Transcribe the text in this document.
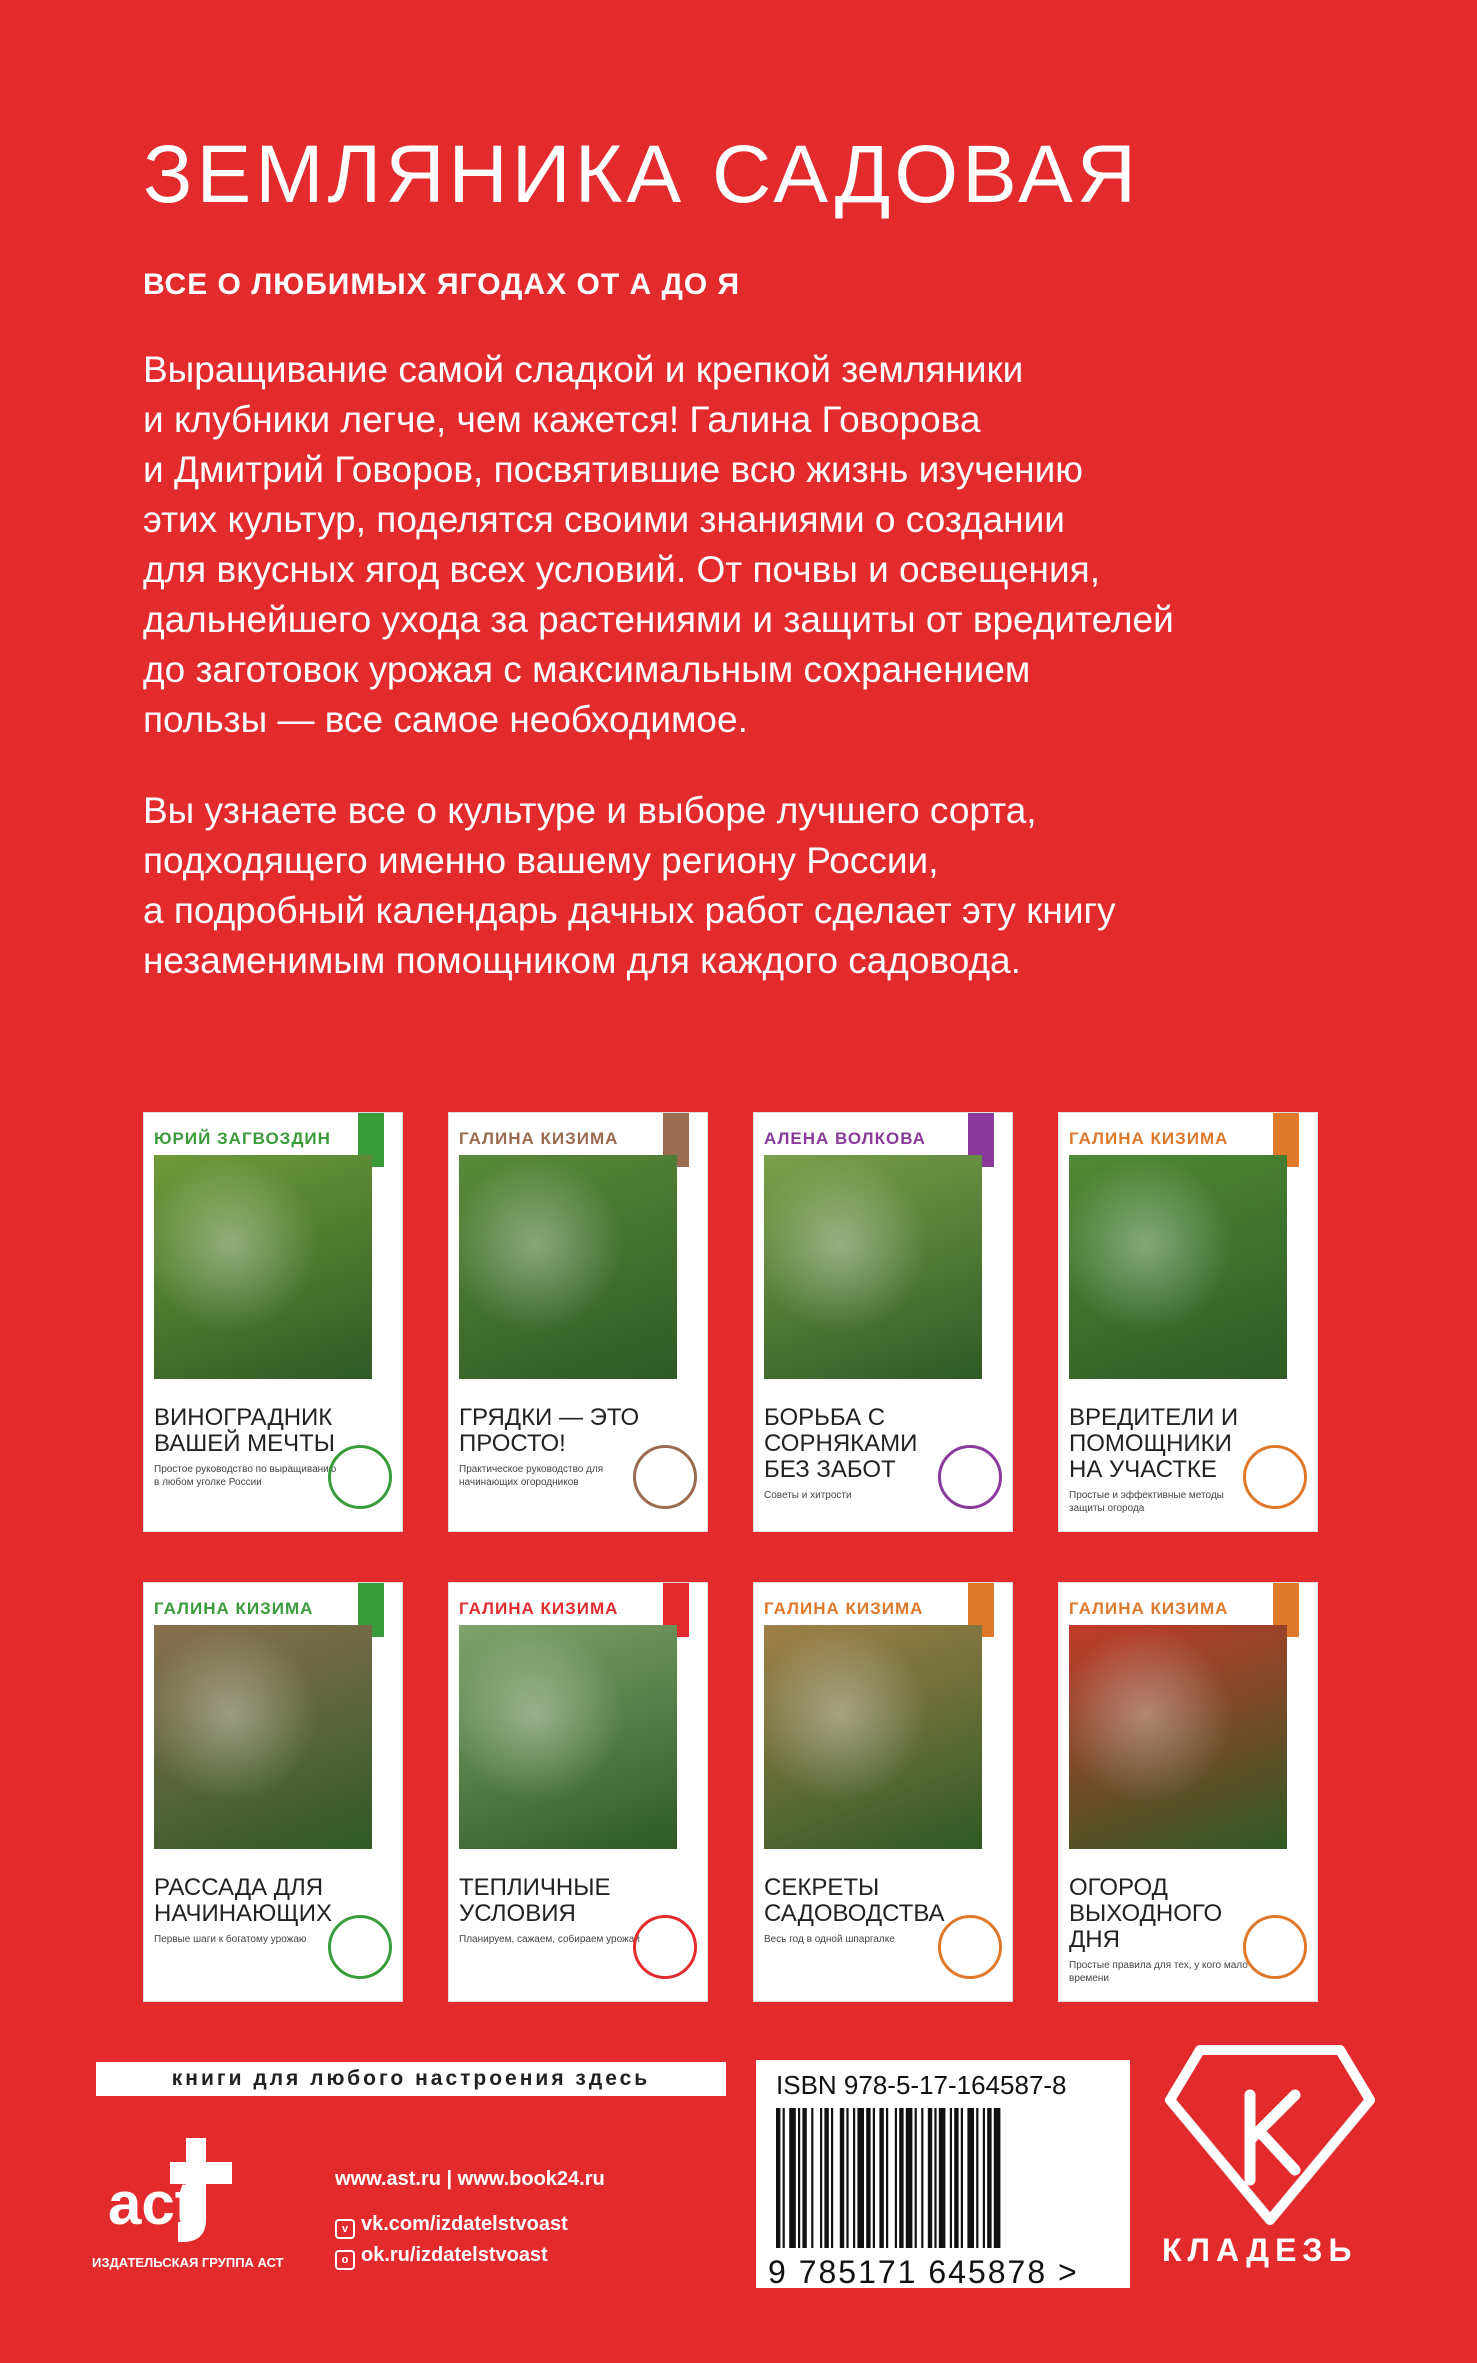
ЗЕМЛЯНИКА САДОВАЯ
ВСЕ О ЛЮБИМЫХ ЯГОДАХ ОТ А ДО Я
Выращивание самой сладкой и крепкой земляники
и клубники легче, чем кажется! Галина Говорова
и Дмитрий Говоров, посвятившие всю жизнь изучению
этих культур, поделятся своими знаниями о создании
для вкусных ягод всех условий. От почвы и освещения,
дальнейшего ухода за растениями и защиты от вредителей
до заготовок урожая с максимальным сохранением
пользы — все самое необходимое.
Вы узнаете все о культуре и выборе лучшего сорта,
подходящего именно вашему региону России,
а подробный календарь дачных работ сделает эту книгу
незаменимым помощником для каждого садовода.
ЮРИЙ ЗАГВОЗДИН
ВИНОГРАДНИК ВАШЕЙ МЕЧТЫ
Простое руководство по выращиванию в любом уголке России
ГАЛИНА КИЗИМА
ГРЯДКИ — ЭТО ПРОСТО!
Практическое руководство для начинающих огородников
АЛЕНА ВОЛКОВА
БОРЬБА С СОРНЯКАМИ БЕЗ ЗАБОТ
Советы и хитрости
ГАЛИНА КИЗИМА
ВРЕДИТЕЛИ И ПОМОЩНИКИ НА УЧАСТКЕ
Простые и эффективные методы защиты огорода
ГАЛИНА КИЗИМА
РАССАДА ДЛЯ НАЧИНАЮЩИХ
Первые шаги к богатому урожаю
ГАЛИНА КИЗИМА
ТЕПЛИЧНЫЕ УСЛОВИЯ
Планируем, сажаем, собираем урожай
ГАЛИНА КИЗИМА
СЕКРЕТЫ САДОВОДСТВА
Весь год в одной шпаргалке
ГАЛИНА КИЗИМА
ОГОРОД ВЫХОДНОГО ДНЯ
Простые правила для тех, у кого мало времени
книги для любого настроения здесь	ISBN 978-5-17-164587-8
9 785171 645878 >
act
ИЗДАТЕЛЬСКАЯ ГРУППА АСТ
www.ast.ru | www.book24.ru
v vk.com/izdatelstvoast
o ok.ru/izdatelstvoast	КЛАДЕЗЬ
